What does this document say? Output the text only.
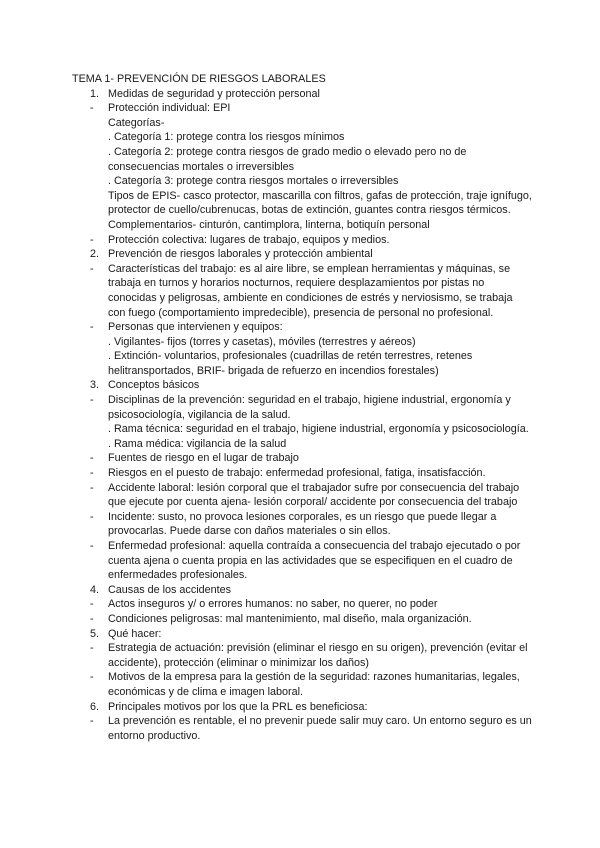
TEMA 1- PREVENCIÓN DE RIESGOS LABORALES

1. Medidas de seguridad y protección personal
- Protección individual: EPI

Categorías-

. Categoría 1: protege contra los riesgos mínimos

. Categoría 2: protege contra riesgos de grado medio o elevado pero no de consecuencias mortales o irreversibles

. Categoría 3: protege contra riesgos mortales o irreversibles

Tipos de EPIS- casco protector, mascarilla con filtros, gafas de protección, traje ignífugo, protector de cuello/cubrenucas, botas de extinción, guantes contra riesgos térmicos. Complementarios- cinturón, cantimplora, linterna, botiquín personal

- Protección colectiva: lugares de trabajo, equipos y medios.
2. Prevención de riesgos laborales y protección ambiental
- Características del trabajo: es al aire libre, se emplean herramientas y máquinas, se trabaja en turnos y horarios nocturnos, requiere desplazamientos por pistas no conocidas y peligrosas, ambiente en condiciones de estrés y nerviosismo, se trabaja con fuego (comportamiento impredecible), presencia de personal no profesional.
- Personas que intervienen y equipos:

. Vigilantes- fijos (torres y casetas), móviles (terrestres y aéreos)

. Extinción- voluntarios, profesionales (cuadrillas de retén terrestres, retenes helitransportados, BRIF- brigada de refuerzo en incendios forestales)

3. Conceptos básicos
- Disciplinas de la prevención: seguridad en el trabajo, higiene industrial, ergonomía y psicosociología, vigilancia de la salud.

. Rama técnica: seguridad en el trabajo, higiene industrial, ergonomía y psicosociología.

. Rama médica: vigilancia de la salud

- Fuentes de riesgo en el lugar de trabajo
- Riesgos en el puesto de trabajo: enfermedad profesional, fatiga, insatisfacción.
- Accidente laboral: lesión corporal que el trabajador sufre por consecuencia del trabajo que ejecute por cuenta ajena- lesión corporal/ accidente por consecuencia del trabajo
- Incidente: susto, no provoca lesiones corporales, es un riesgo que puede llegar a provocarlas. Puede darse con daños materiales o sin ellos.
- Enfermedad profesional: aquella contraída a consecuencia del trabajo ejecutado o por cuenta ajena o cuenta propia en las actividades que se especifiquen en el cuadro de enfermedades profesionales.
4. Causas de los accidentes
- Actos inseguros y/ o errores humanos: no saber, no querer, no poder
- Condiciones peligrosas: mal mantenimiento, mal diseño, mala organización.
5. Qué hacer:
- Estrategia de actuación: previsión (eliminar el riesgo en su origen), prevención (evitar el accidente), protección (eliminar o minimizar los daños)
- Motivos de la empresa para la gestión de la seguridad: razones humanitarias, legales, económicas y de clima e imagen laboral.
6. Principales motivos por los que la PRL es beneficiosa:
- La prevención es rentable, el no prevenir puede salir muy caro. Un entorno seguro es un entorno productivo.
